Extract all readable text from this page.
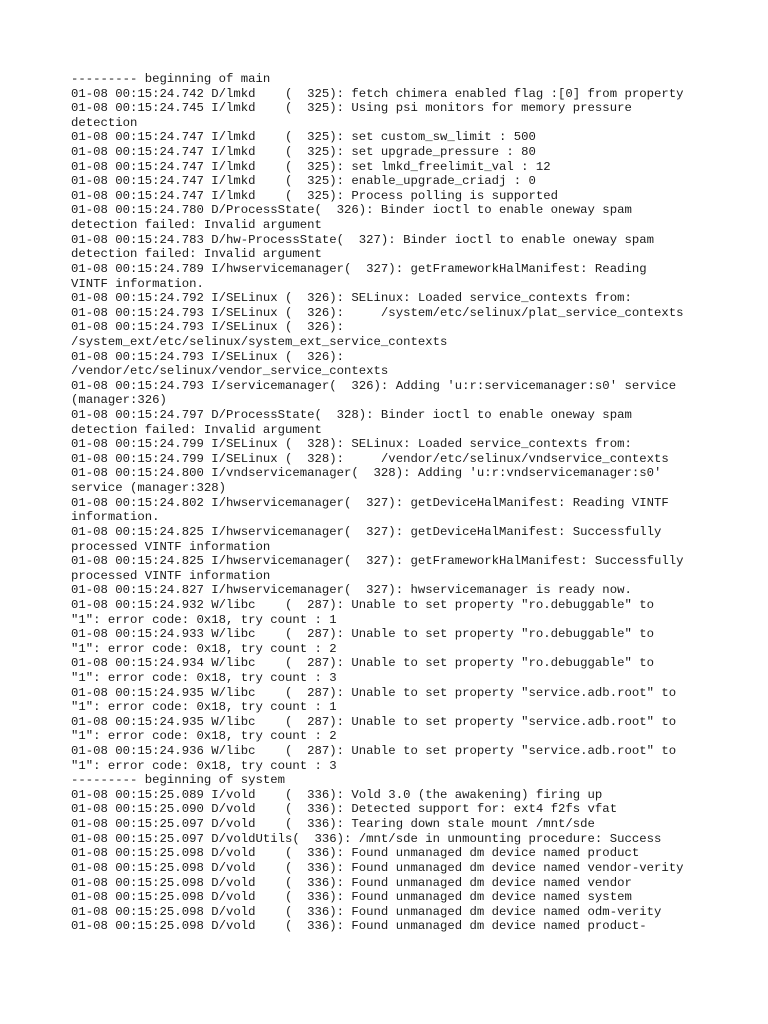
--------- beginning of main
01-08 00:15:24.742 D/lmkd    (  325): fetch chimera enabled flag :[0] from property
01-08 00:15:24.745 I/lmkd    (  325): Using psi monitors for memory pressure
detection
01-08 00:15:24.747 I/lmkd    (  325): set custom_sw_limit : 500
01-08 00:15:24.747 I/lmkd    (  325): set upgrade_pressure : 80
01-08 00:15:24.747 I/lmkd    (  325): set lmkd_freelimit_val : 12
01-08 00:15:24.747 I/lmkd    (  325): enable_upgrade_criadj : 0
01-08 00:15:24.747 I/lmkd    (  325): Process polling is supported
01-08 00:15:24.780 D/ProcessState(  326): Binder ioctl to enable oneway spam
detection failed: Invalid argument
01-08 00:15:24.783 D/hw-ProcessState(  327): Binder ioctl to enable oneway spam
detection failed: Invalid argument
01-08 00:15:24.789 I/hwservicemanager(  327): getFrameworkHalManifest: Reading
VINTF information.
01-08 00:15:24.792 I/SELinux (  326): SELinux: Loaded service_contexts from:
01-08 00:15:24.793 I/SELinux (  326):     /system/etc/selinux/plat_service_contexts
01-08 00:15:24.793 I/SELinux (  326):
/system_ext/etc/selinux/system_ext_service_contexts
01-08 00:15:24.793 I/SELinux (  326):
/vendor/etc/selinux/vendor_service_contexts
01-08 00:15:24.793 I/servicemanager(  326): Adding 'u:r:servicemanager:s0' service
(manager:326)
01-08 00:15:24.797 D/ProcessState(  328): Binder ioctl to enable oneway spam
detection failed: Invalid argument
01-08 00:15:24.799 I/SELinux (  328): SELinux: Loaded service_contexts from:
01-08 00:15:24.799 I/SELinux (  328):     /vendor/etc/selinux/vndservice_contexts
01-08 00:15:24.800 I/vndservicemanager(  328): Adding 'u:r:vndservicemanager:s0'
service (manager:328)
01-08 00:15:24.802 I/hwservicemanager(  327): getDeviceHalManifest: Reading VINTF
information.
01-08 00:15:24.825 I/hwservicemanager(  327): getDeviceHalManifest: Successfully
processed VINTF information
01-08 00:15:24.825 I/hwservicemanager(  327): getFrameworkHalManifest: Successfully
processed VINTF information
01-08 00:15:24.827 I/hwservicemanager(  327): hwservicemanager is ready now.
01-08 00:15:24.932 W/libc    (  287): Unable to set property "ro.debuggable" to
"1": error code: 0x18, try count : 1
01-08 00:15:24.933 W/libc    (  287): Unable to set property "ro.debuggable" to
"1": error code: 0x18, try count : 2
01-08 00:15:24.934 W/libc    (  287): Unable to set property "ro.debuggable" to
"1": error code: 0x18, try count : 3
01-08 00:15:24.935 W/libc    (  287): Unable to set property "service.adb.root" to
"1": error code: 0x18, try count : 1
01-08 00:15:24.935 W/libc    (  287): Unable to set property "service.adb.root" to
"1": error code: 0x18, try count : 2
01-08 00:15:24.936 W/libc    (  287): Unable to set property "service.adb.root" to
"1": error code: 0x18, try count : 3
--------- beginning of system
01-08 00:15:25.089 I/vold    (  336): Vold 3.0 (the awakening) firing up
01-08 00:15:25.090 D/vold    (  336): Detected support for: ext4 f2fs vfat
01-08 00:15:25.097 D/vold    (  336): Tearing down stale mount /mnt/sde
01-08 00:15:25.097 D/voldUtils(  336): /mnt/sde in unmounting procedure: Success
01-08 00:15:25.098 D/vold    (  336): Found unmanaged dm device named product
01-08 00:15:25.098 D/vold    (  336): Found unmanaged dm device named vendor-verity
01-08 00:15:25.098 D/vold    (  336): Found unmanaged dm device named vendor
01-08 00:15:25.098 D/vold    (  336): Found unmanaged dm device named system
01-08 00:15:25.098 D/vold    (  336): Found unmanaged dm device named odm-verity
01-08 00:15:25.098 D/vold    (  336): Found unmanaged dm device named product-
